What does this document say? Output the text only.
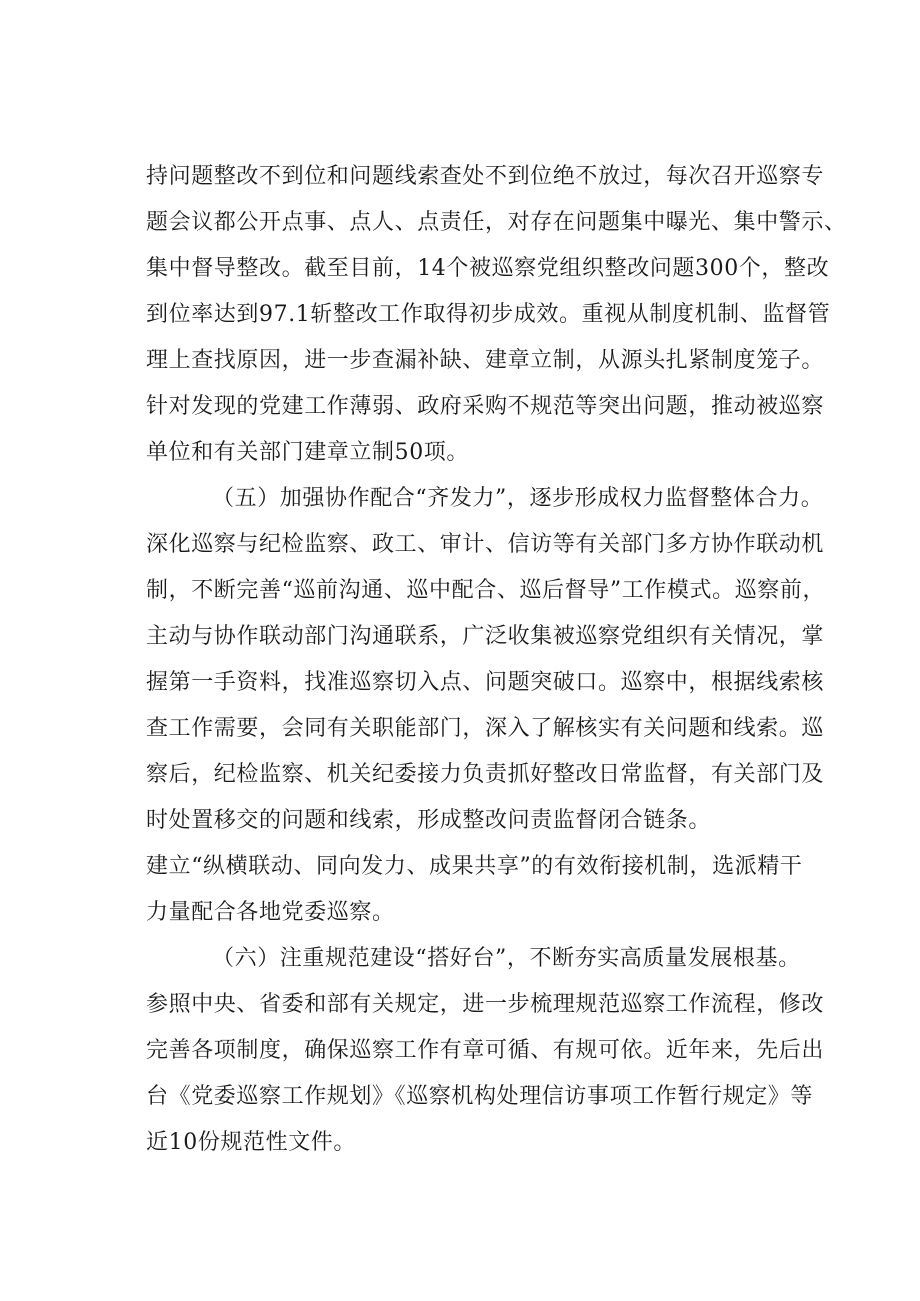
持问题整改不到位和问题线索查处不到位绝不放过，每次召开巡察专
题会议都公开点事、点人、点责任，对存在问题集中曝光、集中警示、
集中督导整改。截至目前，14个被巡察党组织整改问题300个，整改
到位率达到97.1斩整改工作取得初步成效。重视从制度机制、监督管
理上查找原因，进一步查漏补缺、建章立制，从源头扎紧制度笼子。
针对发现的党建工作薄弱、政府采购不规范等突出问题，推动被巡察
单位和有关部门建章立制50项。
（五）加强协作配合“齐发力”，逐步形成权力监督整体合力。
深化巡察与纪检监察、政工、审计、信访等有关部门多方协作联动机
制，不断完善“巡前沟通、巡中配合、巡后督导”工作模式。巡察前，
主动与协作联动部门沟通联系，广泛收集被巡察党组织有关情况，掌
握第一手资料，找准巡察切入点、问题突破口。巡察中，根据线索核
查工作需要，会同有关职能部门，深入了解核实有关问题和线索。巡
察后，纪检监察、机关纪委接力负责抓好整改日常监督，有关部门及
时处置移交的问题和线索，形成整改问责监督闭合链条。
建立“纵横联动、同向发力、成果共享”的有效衔接机制，选派精干
力量配合各地党委巡察。
（六）注重规范建设“搭好台”，不断夯实高质量发展根基。
参照中央、省委和部有关规定，进一步梳理规范巡察工作流程，修改
完善各项制度，确保巡察工作有章可循、有规可依。近年来，先后出
台《党委巡察工作规划》《巡察机构处理信访事项工作暂行规定》等
近10份规范性文件。
